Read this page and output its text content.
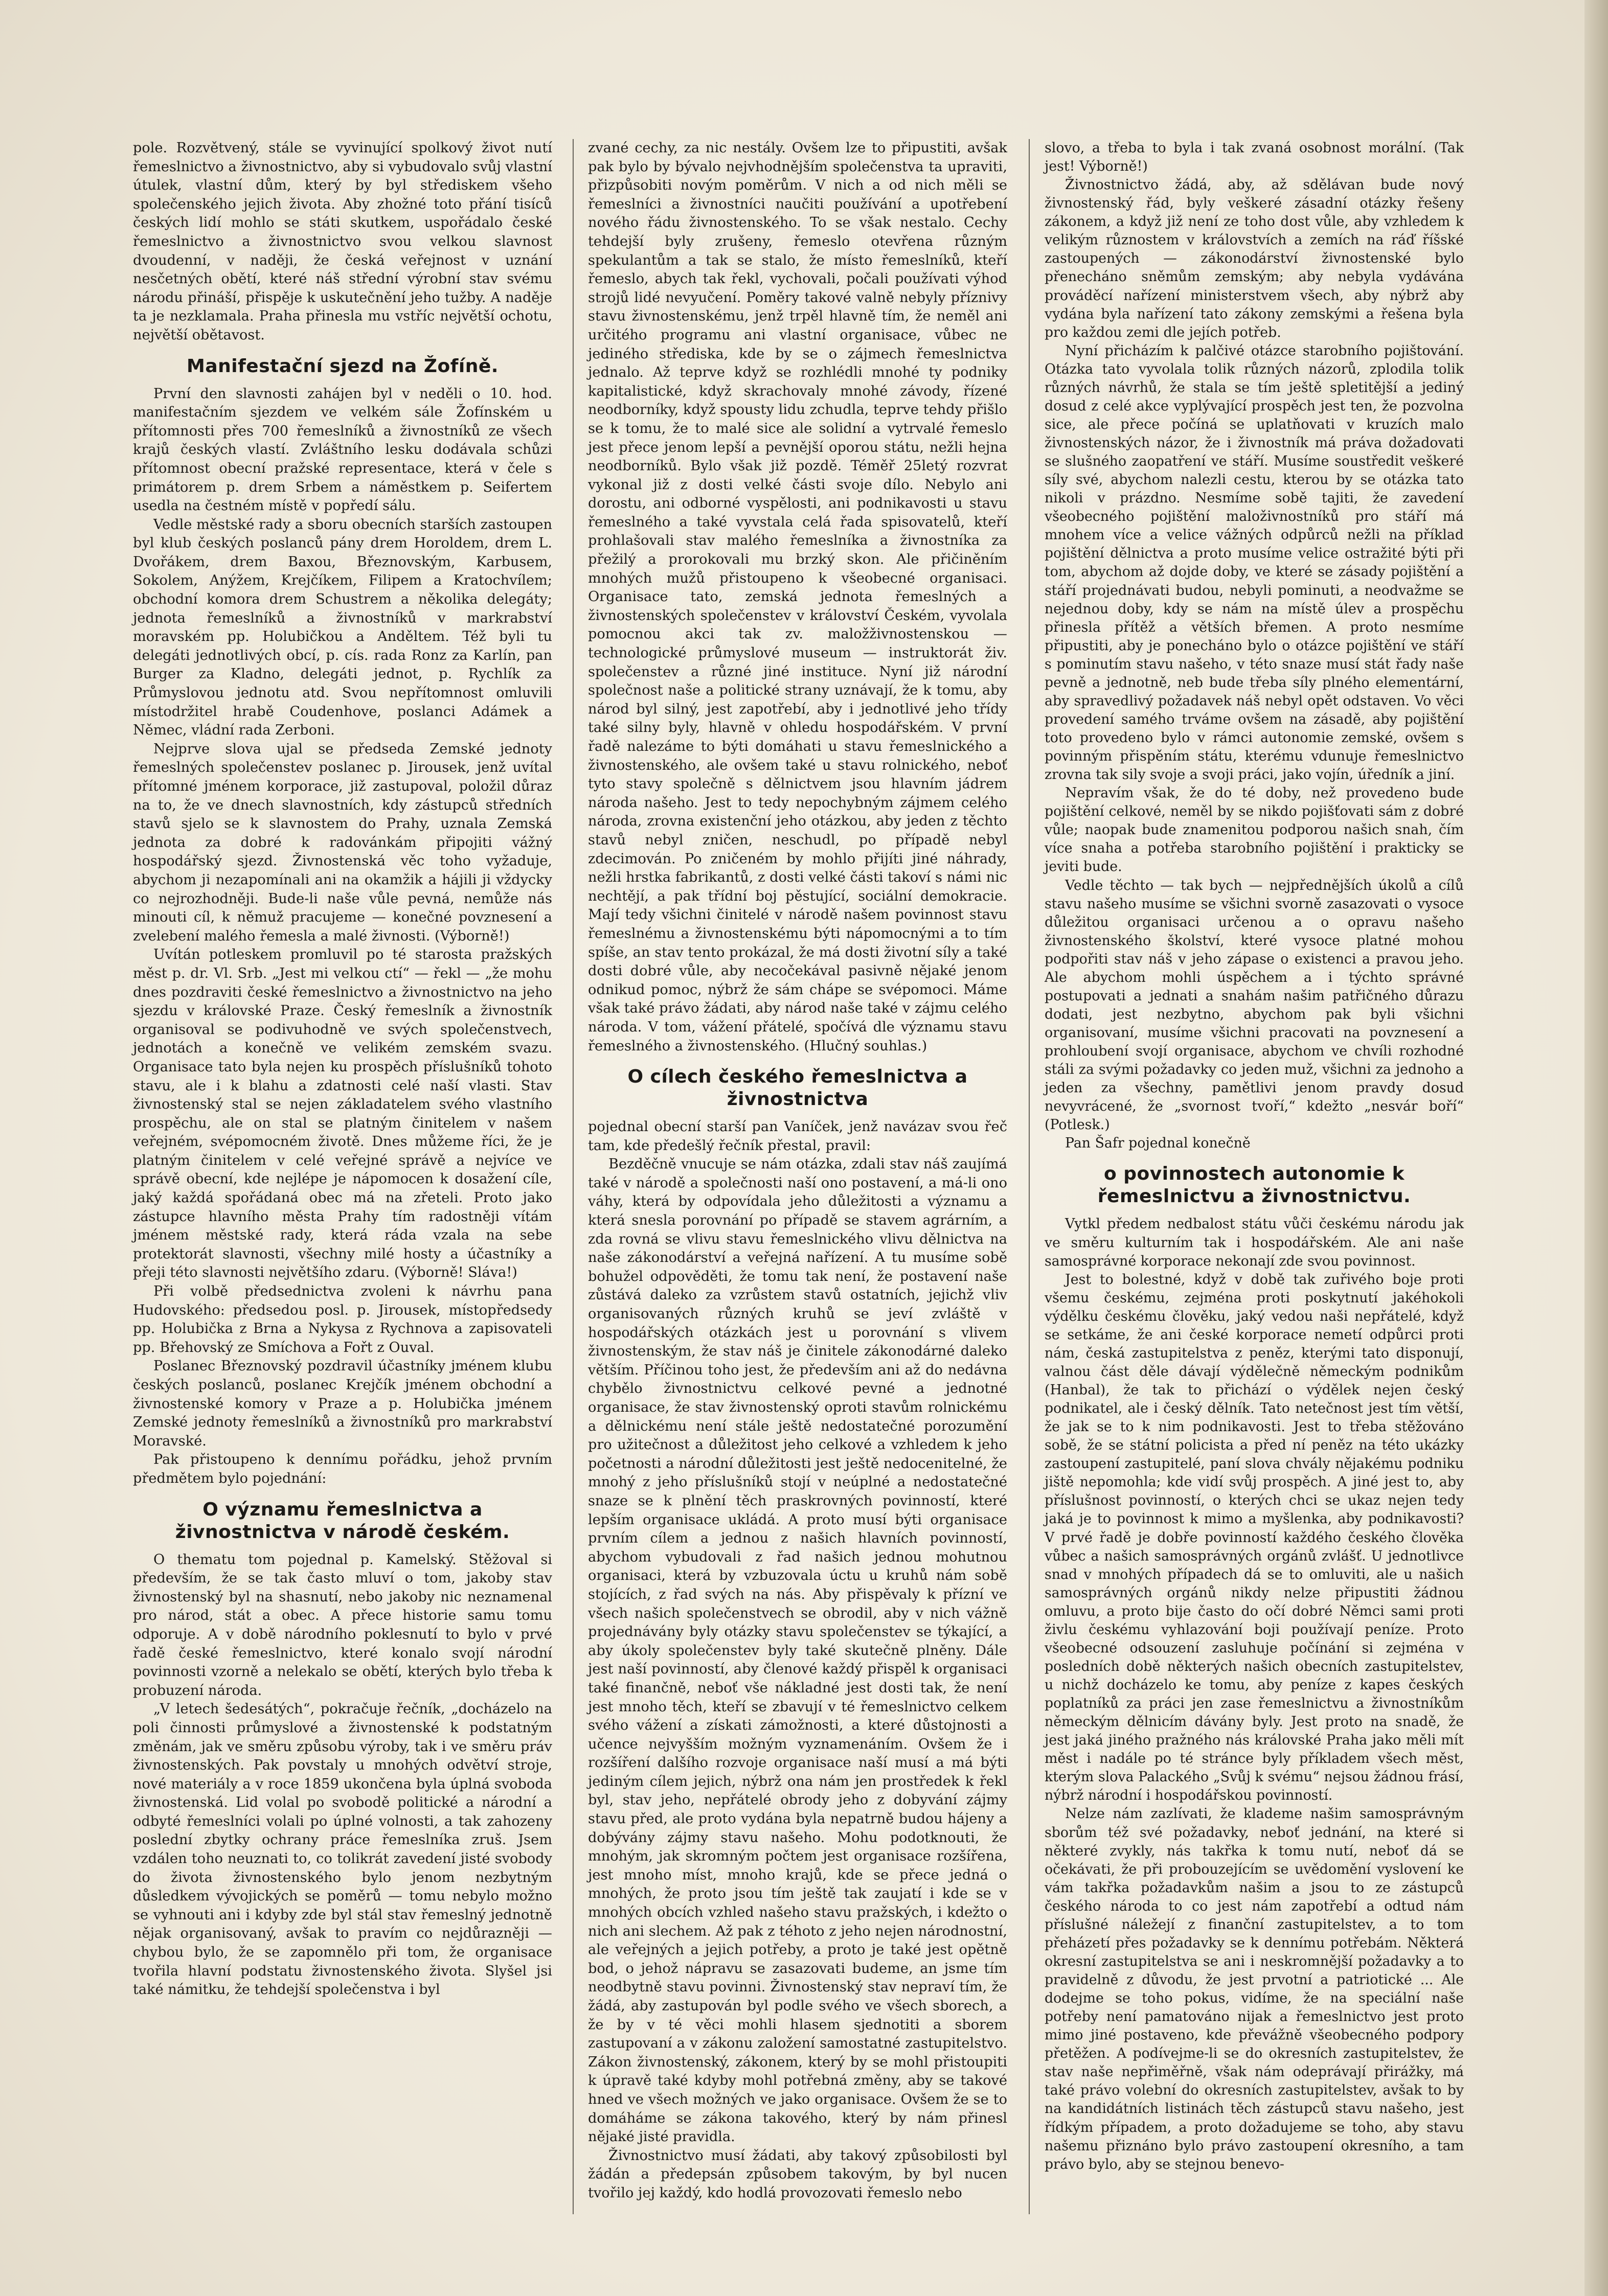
pole. Rozvětvený, stále se vyvinující spolkový život nutí řemeslnictvo a živnostnictvo, aby si vybudovalo svůj vlastní útulek, vlastní dům, který by byl střediskem všeho společenského jejich života. Aby zhožné toto přání tisíců českých lidí mohlo se státi skutkem, uspořádalo české řemeslnictvo a živnostnictvo svou velkou slavnost dvoudenní, v naději, že česká veřejnost v uznání nesčetných obětí, které náš střední výrobní stav svému národu přináší, přispěje k uskutečnění jeho tužby. A naděje ta je nezklamala. Praha přinesla mu vstříc největší ochotu, největší obětavost.

Manifestační sjezd na Žofíně.

První den slavnosti zahájen byl v neděli o 10. hod. manifestačním sjezdem ve velkém sále Žofínském u přítomnosti přes 700 řemeslníků a živnostníků ze všech krajů českých vlastí. Zvláštního lesku dodávala schůzi přítomnost obecní pražské representace, která v čele s primátorem p. drem Srbem a náměstkem p. Seifertem usedla na čestném místě v popředí sálu.

Vedle městské rady a sboru obecních starších zastoupen byl klub českých poslanců pány drem Horoldem, drem L. Dvořákem, drem Baxou, Březnovským, Karbusem, Sokolem, Anýžem, Krejčíkem, Filipem a Kratochvílem; obchodní komora drem Schustrem a několika delegáty; jednota řemeslníků a živnostníků v markrabství moravském pp. Holubičkou a Anděltem. Též byli tu delegáti jednotlivých obcí, p. cís. rada Ronz za Karlín, pan Burger za Kladno, delegáti jednot, p. Rychlík za Průmyslovou jednotu atd. Svou nepřítomnost omluvili místodržitel hrabě Coudenhove, poslanci Adámek a Němec, vládní rada Zerboni.

Nejprve slova ujal se předseda Zemské jednoty řemeslných společenstev poslanec p. Jirousek, jenž uvítal přítomné jménem korporace, již zastupoval, položil důraz na to, že ve dnech slavnostních, kdy zástupců středních stavů sjelo se k slavnostem do Prahy, uznala Zemská jednota za dobré k radovánkám připojiti vážný hospodářský sjezd. Živnostenská věc toho vyžaduje, abychom ji nezapomínali ani na okamžik a hájili ji vždycky co nejrozhodněji. Bude-li naše vůle pevná, nemůže nás minouti cíl, k němuž pracujeme — konečné povznesení a zvelebení malého řemesla a malé živnosti. (Výborně!)

Uvítán potleskem promluvil po té starosta pražských měst p. dr. Vl. Srb. „Jest mi velkou ctí“ — řekl — „že mohu dnes pozdraviti české řemeslnictvo a živnostnictvo na jeho sjezdu v královské Praze. Český řemeslník a živnostník organisoval se podivuhodně ve svých společenstvech, jednotách a konečně ve velikém zemském svazu. Organisace tato byla nejen ku prospěch příslušníků tohoto stavu, ale i k blahu a zdatnosti celé naší vlasti. Stav živnostenský stal se nejen základatelem svého vlastního prospěchu, ale on stal se platným činitelem v našem veřejném, svépomocném životě. Dnes můžeme říci, že je platným činitelem v celé veřejné správě a nejvíce ve správě obecní, kde nejlépe je nápomocen k dosažení cíle, jaký každá spořádaná obec má na zřeteli. Proto jako zástupce hlavního města Prahy tím radostněji vítám jménem městské rady, která ráda vzala na sebe protektorát slavnosti, všechny milé hosty a účastníky a přeji této slavnosti největšího zdaru. (Výborně! Sláva!)

Při volbě předsednictva zvoleni k návrhu pana Hudovského: předsedou posl. p. Jirousek, místopředsedy pp. Holubička z Brna a Nykysa z Rychnova a zapisovateli pp. Břehovský ze Smíchova a Fořt z Ouval.

Poslanec Březnovský pozdravil účastníky jménem klubu českých poslanců, poslanec Krejčík jménem obchodní a živnostenské komory v Praze a p. Holubička jménem Zemské jednoty řemeslníků a živnostníků pro markrabství Moravské.

Pak přistoupeno k dennímu pořádku, jehož prvním předmětem bylo pojednání:

O významu řemeslnictva a živnostnictva v národě českém.

O thematu tom pojednal p. Kamelský. Stěžoval si především, že se tak často mluví o tom, jakoby stav živnostenský byl na shasnutí, nebo jakoby nic neznamenal pro národ, stát a obec. A přece historie samu tomu odporuje. A v době národního poklesnutí to bylo v prvé řadě české řemeslnictvo, které konalo svojí národní povinnosti vzorně a nelekalo se obětí, kterých bylo třeba k probuzení národa.

„V letech šedesátých“, pokračuje řečník, „docházelo na poli činnosti průmyslové a živnostenské k podstatným změnám, jak ve směru způsobu výroby, tak i ve směru práv živnostenských. Pak povstaly u mnohých odvětví stroje, nové materiály a v roce 1859 ukončena byla úplná svoboda živnostenská. Lid volal po svobodě politické a národní a odbyté řemeslníci volali po úplné volnosti, a tak zahozeny poslední zbytky ochrany práce řemeslníka zruš. Jsem vzdálen toho neuznati to, co tolikrát zavedení jisté svobody do života živnostenského bylo jenom nezbytným důsledkem vývojických se poměrů — tomu nebylo možno se vyhnouti ani i kdyby zde byl stál stav řemeslný jednotně nějak organisovaný, avšak to pravím co nejdůrazněji — chybou bylo, že se zapomnělo při tom, že organisace tvořila hlavní podstatu živnostenského života. Slyšel jsi také námitku, že tehdejší společenstva i byl

zvané cechy, za nic nestály. Ovšem lze to připustiti, avšak pak bylo by bývalo nejvhodnějším společenstva ta upraviti, přizpůsobiti novým poměrům. V nich a od nich měli se řemeslníci a živnostníci naučiti používání a upotřebení nového řádu živnostenského. To se však nestalo. Cechy tehdejší byly zrušeny, řemeslo otevřena různým spekulantům a tak se stalo, že místo řemeslníků, kteří řemeslo, abych tak řekl, vychovali, počali používati výhod strojů lidé nevyučení. Poměry takové valně nebyly příznivy stavu živnostenskému, jenž trpěl hlavně tím, že neměl ani určitého programu ani vlastní organisace, vůbec ne jediného střediska, kde by se o zájmech řemeslnictva jednalo. Až teprve když se rozhlédli mnohé ty podniky kapitalistické, když skrachovaly mnohé závody, řízené neodborníky, když spousty lidu zchudla, teprve tehdy přišlo se k tomu, že to malé sice ale solidní a vytrvalé řemeslo jest přece jenom lepší a pevnější oporou státu, nežli hejna neodborníků. Bylo však již pozdě. Téměř 25letý rozvrat vykonal již z dosti velké části svoje dílo. Nebylo ani dorostu, ani odborné vyspělosti, ani podnikavosti u stavu řemeslného a také vyvstala celá řada spisovatelů, kteří prohlašovali stav malého řemeslníka a živnostníka za přežilý a prorokovali mu brzký skon. Ale přičiněním mnohých mužů přistoupeno k všeobecné organisaci. Organisace tato, zemská jednota řemeslných a živnostenských společenstev v království Českém, vyvolala pomocnou akci tak zv. maložživnostenskou — technologické průmyslové museum — instruktorát živ. společenstev a různé jiné instituce. Nyní již národní společnost naše a politické strany uznávají, že k tomu, aby národ byl silný, jest zapotřebí, aby i jednotlivé jeho třídy také silny byly, hlavně v ohledu hospodářském. V první řadě nalezáme to býti domáhati u stavu řemeslnického a živnostenského, ale ovšem také u stavu rolnického, neboť tyto stavy společně s dělnictvem jsou hlavním jádrem národa našeho. Jest to tedy nepochybným zájmem celého národa, zrovna existenční jeho otázkou, aby jeden z těchto stavů nebyl zničen, neschudl, po případě nebyl zdecimován. Po zničeném by mohlo přijíti jiné náhrady, nežli hrstka fabrikantů, z dosti velké části takoví s námi nic nechtějí, a pak třídní boj pěstující, sociální demokracie. Mají tedy všichni činitelé v národě našem povinnost stavu řemeslnému a živnostenskému býti nápomocnými a to tím spíše, an stav tento prokázal, že má dosti životní síly a také dosti dobré vůle, aby necočekával pasivně nějaké jenom odnikud pomoc, nýbrž že sám chápe se svépomoci. Máme však také právo žádati, aby národ naše také v zájmu celého národa. V tom, vážení přátelé, spočívá dle významu stavu řemeslného a živnostenského. (Hlučný souhlas.)

O cílech českého řemeslnictva a živnostnictva

pojednal obecní starší pan Vaníček, jenž navázav svou řeč tam, kde předešlý řečník přestal, pravil:

Bezděčně vnucuje se nám otázka, zdali stav náš zaujímá také v národě a společnosti naší ono postavení, a má-li ono váhy, která by odpovídala jeho důležitosti a významu a která snesla porovnání po případě se stavem agrárním, a zda rovná se vlivu stavu řemeslnického vlivu dělnictva na naše zákonodárství a veřejná nařízení. A tu musíme sobě bohužel odpověděti, že tomu tak není, že postavení naše zůstává daleko za vzrůstem stavů ostatních, jejichž vliv organisovaných různých kruhů se jeví zvláště v hospodářských otázkách jest u porovnání s vlivem živnostenským, že stav náš je činitele zákonodárné daleko větším. Příčinou toho jest, že především ani až do nedávna chybělo živnostnictvu celkové pevné a jednotné organisace, že stav živnostenský oproti stavům rolnickému a dělnickému není stále ještě nedostatečné porozumění pro užitečnost a důležitost jeho celkové a vzhledem k jeho početnosti a národní důležitosti jest ještě nedocenitelné, že mnohý z jeho příslušníků stojí v neúplné a nedostatečné snaze se k plnění těch praskrovných povinností, které lepším organisace ukládá. A proto musí býti organisace prvním cílem a jednou z našich hlavních povinností, abychom vybudovali z řad našich jednou mohutnou organisaci, která by vzbuzovala úctu u kruhů nám sobě stojících, z řad svých na nás. Aby přispěvaly k přízní ve všech našich společenstvech se obrodil, aby v nich vážně projednávány byly otázky stavu společenstev se týkající, a aby úkoly společenstev byly také skutečně plněny. Dále jest naší povinností, aby členové každý přispěl k organisaci také finančně, neboť vše nákladné jest dosti tak, že není jest mnoho těch, kteří se zbavují v té řemeslnictvo celkem svého vážení a získati zámožnosti, a které důstojnosti a učence nejvyšším možným vyznamenáním. Ovšem že i rozšíření dalšího rozvoje organisace naší musí a má býti jediným cílem jejich, nýbrž ona nám jen prostředek k řekl byl, stav jeho, nepřátelé obrody jeho z dobyvání zájmy stavu před, ale proto vydána byla nepatrně budou hájeny a dobývány zájmy stavu našeho. Mohu podotknouti, že mnohým, jak skromným počtem jest organisace rozšířena, jest mnoho míst, mnoho krajů, kde se přece jedná o mnohých, že proto jsou tím ještě tak zaujatí i kde se v mnohých obcích vzhled našeho stavu pražských, i kdežto o nich ani slechem. Až pak z téhoto z jeho nejen národnostní, ale veřejných a jejich potřeby, a proto je také jest opětně bod, o jehož nápravu se zasazovati budeme, an jsme tím neodbytně stavu povinni. Živnostenský stav nepraví tím, že žádá, aby zastupován byl podle svého ve všech sborech, a že by v té věci mohli hlasem sjednotiti a sborem zastupovaní a v zákonu založení samostatné zastupitelstvo. Zákon živnostenský, zákonem, který by se mohl přistoupiti k úpravě také kdyby mohl potřebná změny, aby se takové hned ve všech možných ve jako organisace. Ovšem že se to domáháme se zákona takového, který by nám přinesl nějaké jisté pravidla.

Živnostnictvo musí žádati, aby takový způsobilosti byl žádán a předepsán způsobem takovým, by byl nucen tvořilo jej každý, kdo hodlá provozovati řemeslo nebo

slovo, a třeba to byla i tak zvaná osobnost morální. (Tak jest! Výborně!)

Živnostnictvo žádá, aby, až sdělávan bude nový živnostenský řád, byly veškeré zásadní otázky řešeny zákonem, a když již není ze toho dost vůle, aby vzhledem k velikým různostem v královstvích a zemích na ráď říšské zastoupených — zákonodárství živnostenské bylo přenecháno sněmům zemským; aby nebyla vydávána prováděcí nařízení ministerstvem všech, aby nýbrž aby vydána byla nařízení tato zákony zemskými a řešena byla pro každou zemi dle jejích potřeb.

Nyní přicházím k palčivé otázce starobního pojištování. Otázka tato vyvolala tolik různých názorů, zplodila tolik různých návrhů, že stala se tím ještě spletitější a jediný dosud z celé akce vyplývající prospěch jest ten, že pozvolna sice, ale přece počíná se uplatňovati v kruzích malo živnostenských názor, že i živnostník má práva dožadovati se slušného zaopatření ve stáří. Musíme soustředit veškeré síly své, abychom nalezli cestu, kterou by se otázka tato nikoli v prázdno. Nesmíme sobě tajiti, že zavedení všeobecného pojištění maloživnostníků pro stáří má mnohem více a velice vážných odpůrců nežli na příklad pojištění dělnictva a proto musíme velice ostražité býti při tom, abychom až dojde doby, ve které se zásady pojištění a stáří projednávati budou, nebyli pominuti, a neodvažme se nejednou doby, kdy se nám na místě úlev a prospěchu přinesla přítěž a větších břemen. A proto nesmíme připustiti, aby je ponecháno bylo o otázce pojištění ve stáří s pominutím stavu našeho, v této snaze musí stát řady naše pevně a jednotně, neb bude třeba síly plného elementární, aby spravedlivý požadavek náš nebyl opět odstaven. Vo věci provedení samého trváme ovšem na zásadě, aby pojištění toto provedeno bylo v rámci autonomie zemské, ovšem s povinným přispěním státu, kterému vdunuje řemeslnictvo zrovna tak sily svoje a svoji práci, jako vojín, úředník a jiní.

Nepravím však, že do té doby, než provedeno bude pojištění celkové, neměl by se nikdo pojišťovati sám z dobré vůle; naopak bude znamenitou podporou našich snah, čím více snaha a potřeba starobního pojištění i prakticky se jeviti bude.

Vedle těchto — tak bych — nejpřednějších úkolů a cílů stavu našeho musíme se všichni svorně zasazovati o vysoce důležitou organisaci určenou a o opravu našeho živnostenského školství, které vysoce platné mohou podpořiti stav náš v jeho zápase o existenci a pravou jeho. Ale abychom mohli úspěchem a i týchto správné postupovati a jednati a snahám našim patřičného důrazu dodati, jest nezbytno, abychom pak byli všichni organisovaní, musíme všichni pracovati na povznesení a prohloubení svojí organisace, abychom ve chvíli rozhodné stáli za svými požadavky co jeden muž, všichni za jednoho a jeden za všechny, pamětlivi jenom pravdy dosud nevyvrácené, že „svornost tvoří,“ kdežto „nesvár boří“ (Potlesk.)

Pan Šafr pojednal konečně

o povinnostech autonomie k řemeslnictvu a živnostnictvu.

Vytkl předem nedbalost státu vůči českému národu jak ve směru kulturním tak i hospodářském. Ale ani naše samosprávné korporace nekonají zde svou povinnost.

Jest to bolestné, když v době tak zuřivého boje proti všemu českému, zejména proti poskytnutí jakéhokoli výdělku českému člověku, jaký vedou naši nepřátelé, když se setkáme, že ani české korporace nemetí odpůrci proti nám, česká zastupitelstva z peněz, kterými tato disponují, valnou část děle dávají výdělečně německým podnikům (Hanbal), že tak to přichází o výdělek nejen český podnikatel, ale i český dělník. Tato netečnost jest tím větší, že jak se to k nim podnikavosti. Jest to třeba stěžováno sobě, že se státní policista a před ní peněz na této ukázky zastoupení zastupitelé, paní slova chvály nějakému podniku jiště nepomohla; kde vidí svůj prospěch. A jiné jest to, aby příslušnost povinností, o kterých chci se ukaz nejen tedy jaká je to povinnost k mimo a myšlenka, aby podnikavosti? V prvé řadě je dobře povinností každého českého člověka vůbec a našich samosprávných orgánů zvlášť. U jednotlivce snad v mnohých případech dá se to omluviti, ale u našich samosprávných orgánů nikdy nelze připustiti žádnou omluvu, a proto bije často do očí dobré Němci sami proti živlu českému vyhlazování boji používají peníze. Proto všeobecné odsouzení zasluhuje počínání si zejména v posledních době některých našich obecních zastupitelstev, u nichž docházelo ke tomu, aby peníze z kapes českých poplatníků za práci jen zase řemeslnictvu a živnostníkům německým dělnicím dávány byly. Jest proto na snadě, že jest jaká jiného pražného nás královské Praha jako měli mít měst i nadále po té stránce byly příkladem všech měst, kterým slova Palackého „Svůj k svému“ nejsou žádnou frásí, nýbrž národní i hospodářskou povinností.

Nelze nám zazlívati, že klademe našim samosprávným sborům též své požadavky, neboť jednání, na které si některé zvykly, nás takřka k tomu nutí, neboť dá se očekávati, že při probouzejícím se uvědomění vyslovení ke vám takřka požadavkům našim a jsou to ze zástupců českého národa to co jest nám zapotřebí a odtud nám příslušné náležejí z finanční zastupitelstev, a to tom přeházetí přes požadavky se k dennímu potřebám. Některá okresní zastupitelstva se ani i neskromnější požadavky a to pravidelně z důvodu, že jest prvotní a patriotické ... Ale dodejme se toho pokus, vidíme, že na speciální naše potřeby není pamatováno nijak a řemeslnictvo jest proto mimo jiné postaveno, kde převážně všeobecného podpory přetěžen. A podívejme-li se do okresních zastupitelstev, že stav naše nepřiměřně, však nám odeprávají přirážky, má také právo volební do okresních zastupitelstev, avšak to by na kandidátních listinách těch zástupců stavu našeho, jest řídkým případem, a proto dožadujeme se toho, aby stavu našemu přiznáno bylo právo zastoupení okresního, a tam právo bylo, aby se stejnou benevo-
